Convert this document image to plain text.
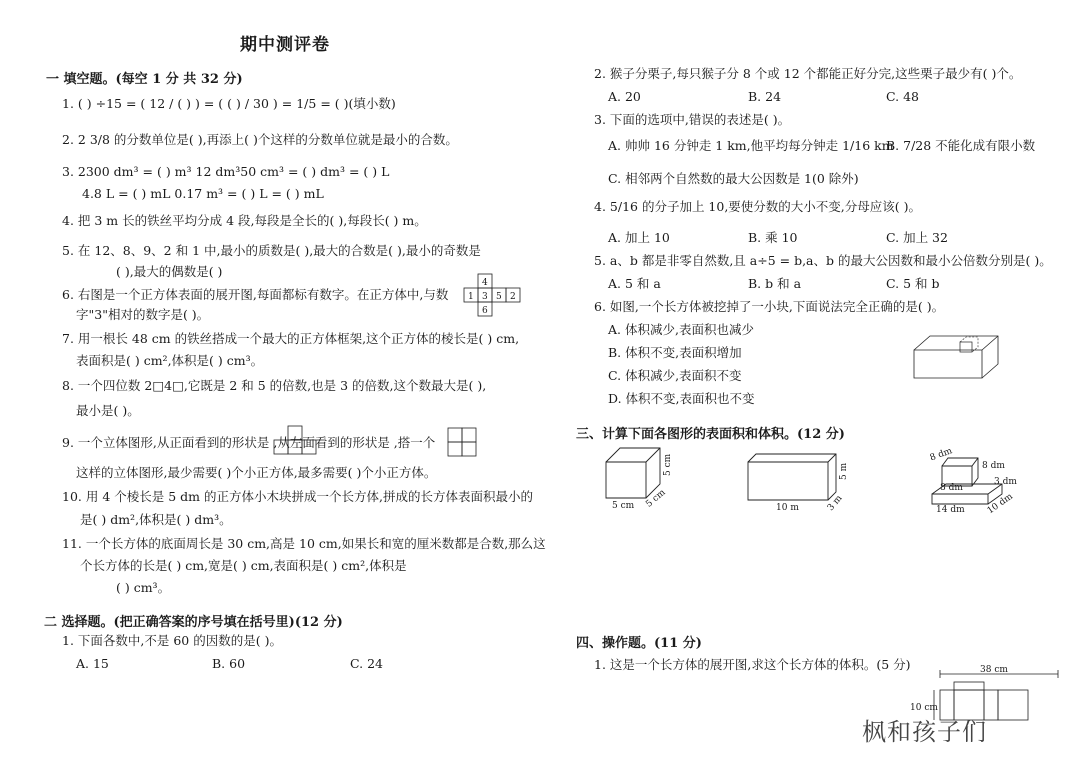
期中测评卷
一 填空题。(每空 1 分 共 32 分)
1. ( ) ÷15 = ( 12 / ( ) ) = ( ( ) / 30 ) = 1/5 = ( )(填小数)
2. 2 3/8 的分数单位是( ),再添上( )个这样的分数单位就是最小的合数。
3. 2300 dm³ = ( ) m³ 12 dm³50 cm³ = ( ) dm³ = ( ) L
4.8 L = ( ) mL 0.17 m³ = ( ) L = ( ) mL
4. 把 3 m 长的铁丝平均分成 4 段,每段是全长的( ),每段长( ) m。
5. 在 12、8、9、2 和 1 中,最小的质数是( ),最大的合数是( ),最小的奇数是
( ),最大的偶数是( )
6. 右图是一个正方体表面的展开图,每面都标有数字。在正方体中,与数
字"3"相对的数字是( )。
4
1 3 5 2
6
7. 用一根长 48 cm 的铁丝搭成一个最大的正方体框架,这个正方体的棱长是( ) cm,
表面积是( ) cm²,体积是( ) cm³。
8. 一个四位数 2□4□,它既是 2 和 5 的倍数,也是 3 的倍数,这个数最大是( ),
最小是( )。
9. 一个立体图形,从正面看到的形状是 ,从左面看到的形状是 ,搭一个
这样的立体图形,最少需要( )个小正方体,最多需要( )个小正方体。
10. 用 4 个棱长是 5 dm 的正方体小木块拼成一个长方体,拼成的长方体表面积最小的
是( ) dm²,体积是( ) dm³。
11. 一个长方体的底面周长是 30 cm,高是 10 cm,如果长和宽的厘米数都是合数,那么这
个长方体的长是( ) cm,宽是( ) cm,表面积是( ) cm²,体积是
( ) cm³。
二 选择题。(把正确答案的序号填在括号里)(12 分)
1. 下面各数中,不是 60 的因数的是( )。
A. 15	B. 60	C. 24
2. 猴子分栗子,每只猴子分 8 个或 12 个都能正好分完,这些栗子最少有( )个。
A. 20	B. 24	C. 48
3. 下面的选项中,错误的表述是( )。
A. 帅帅 16 分钟走 1 km,他平均每分钟走 1/16 km
B. 7/28 不能化成有限小数
C. 相邻两个自然数的最大公因数是 1(0 除外)
4. 5/16 的分子加上 10,要使分数的大小不变,分母应该( )。
A. 加上 10	B. 乘 10	C. 加上 32
5. a、b 都是非零自然数,且 a÷5 = b,a、b 的最大公因数和最小公倍数分别是( )。
A. 5 和 a	B. b 和 a	C. 5 和 b
6. 如图,一个长方体被挖掉了一小块,下面说法完全正确的是( )。
A. 体积减少,表面积也减少
B. 体积不变,表面积增加
C. 体积减少,表面积不变
D. 体积不变,表面积也不变
三、计算下面各图形的表面积和体积。(12 分)
5 cm 5 cm
5 cm
10 m	3 m
5 m
8 dm
8 dm
8 dm
3 dm
14 dm 10 dm
四、操作题。(11 分)
1. 这是一个长方体的展开图,求这个长方体的体积。(5 分)	38 cm
10 cm
枫和孩子们
